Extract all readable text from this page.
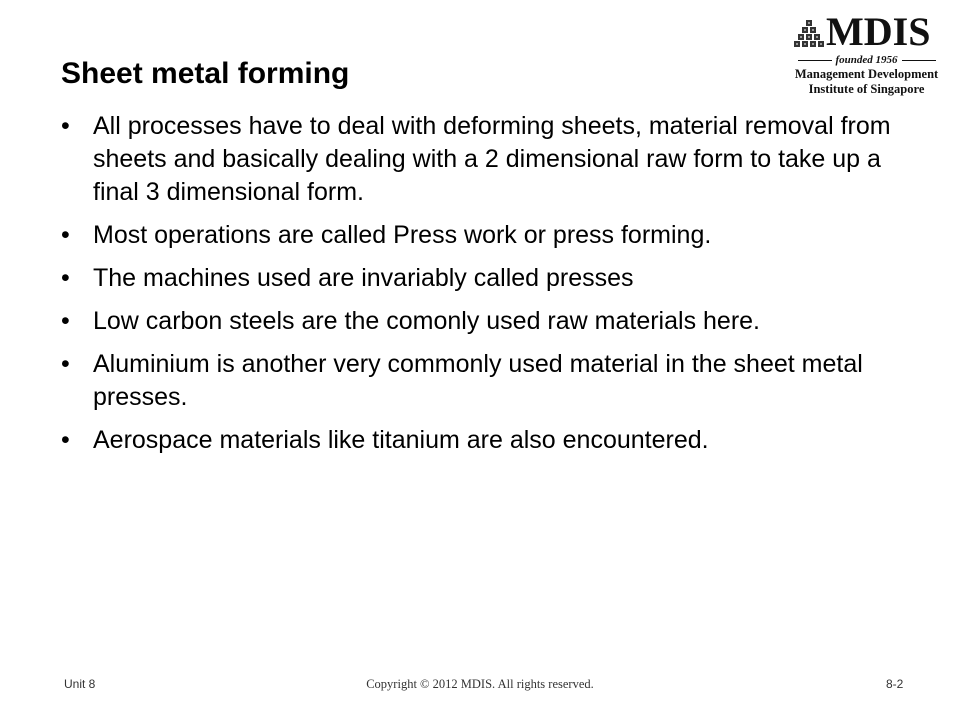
MDIS
founded 1956
Management Development
Institute of Singapore
Sheet metal forming
• All processes have to deal with deforming sheets, material removal from sheets and basically dealing with a 2 dimensional raw form to take up a final 3 dimensional form.
• Most operations are called Press work or press forming.
• The machines used are invariably called presses
• Low carbon steels are the comonly used raw materials here.
• Aluminium is another very commonly used material in the sheet metal presses.
• Aerospace materials like titanium are also encountered.
Unit 8	Copyright © 2012 MDIS. All rights reserved.	8-2
